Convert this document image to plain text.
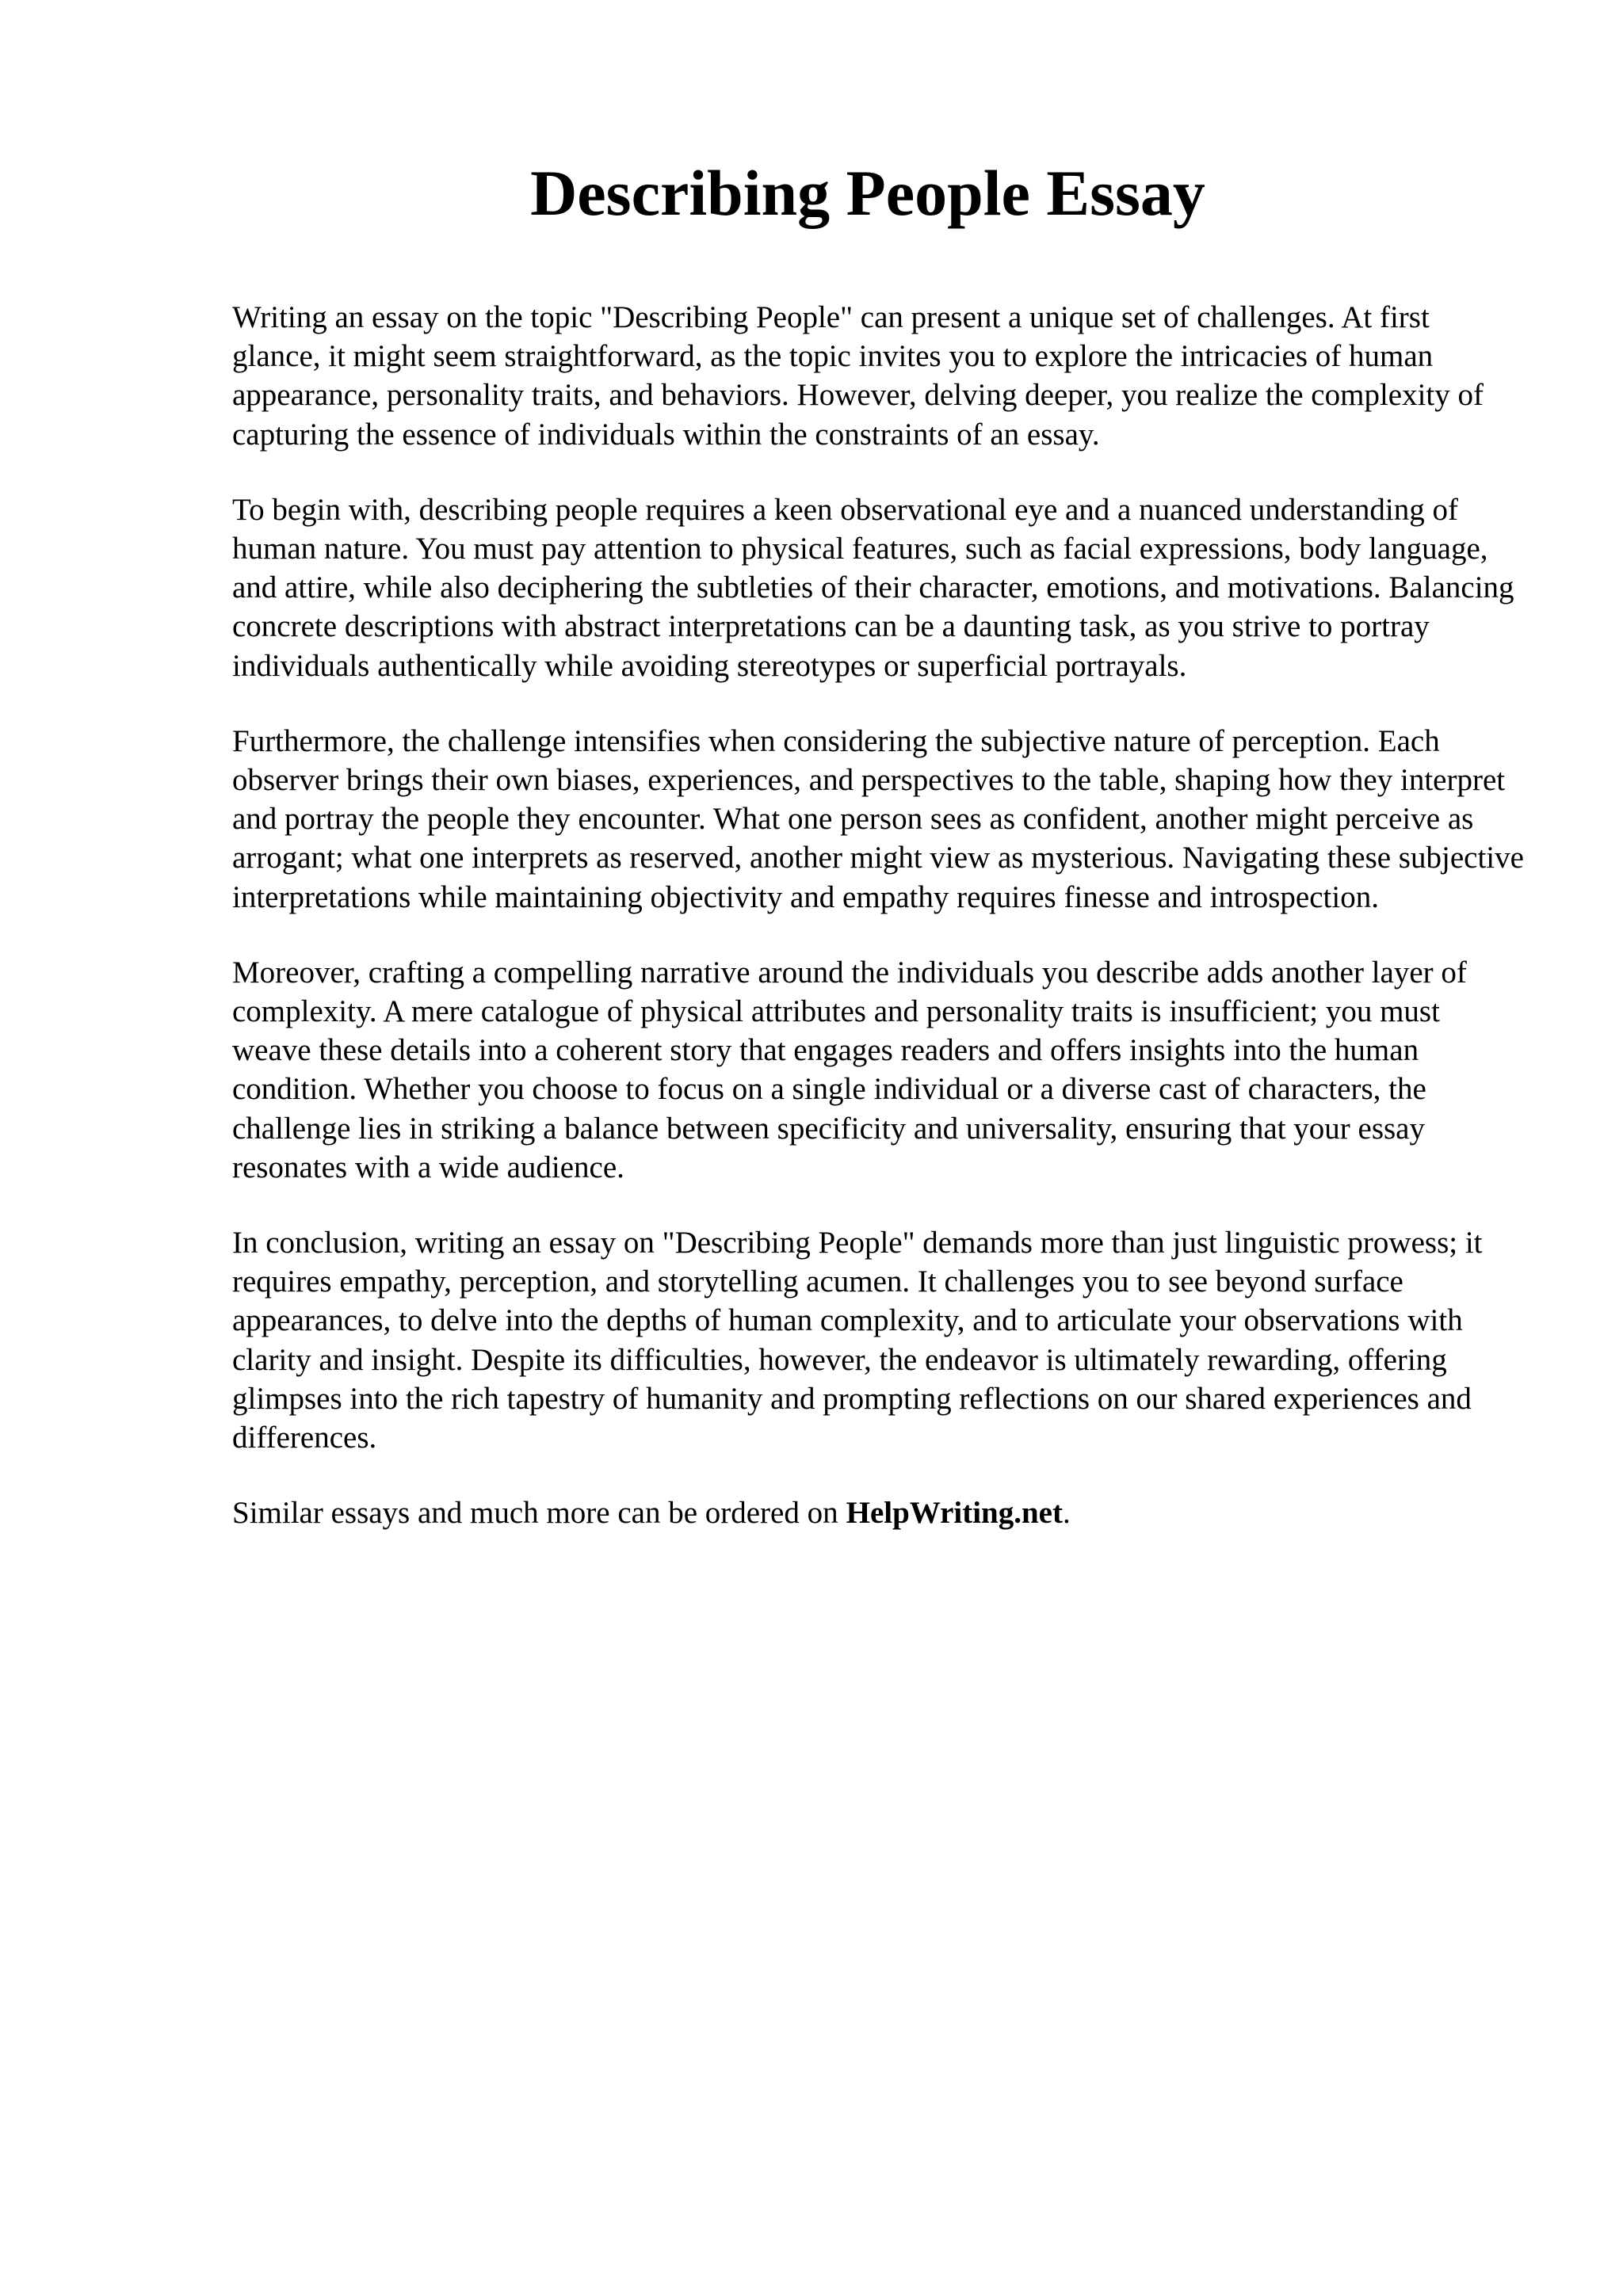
Describing People Essay

Writing an essay on the topic "Describing People" can present a unique set of challenges. At first glance, it might seem straightforward, as the topic invites you to explore the intricacies of human appearance, personality traits, and behaviors. However, delving deeper, you realize the complexity of capturing the essence of individuals within the constraints of an essay.

To begin with, describing people requires a keen observational eye and a nuanced understanding of human nature. You must pay attention to physical features, such as facial expressions, body language, and attire, while also deciphering the subtleties of their character, emotions, and motivations. Balancing concrete descriptions with abstract interpretations can be a daunting task, as you strive to portray individuals authentically while avoiding stereotypes or superficial portrayals.

Furthermore, the challenge intensifies when considering the subjective nature of perception. Each observer brings their own biases, experiences, and perspectives to the table, shaping how they interpret and portray the people they encounter. What one person sees as confident, another might perceive as arrogant; what one interprets as reserved, another might view as mysterious. Navigating these subjective interpretations while maintaining objectivity and empathy requires finesse and introspection.

Moreover, crafting a compelling narrative around the individuals you describe adds another layer of complexity. A mere catalogue of physical attributes and personality traits is insufficient; you must weave these details into a coherent story that engages readers and offers insights into the human condition. Whether you choose to focus on a single individual or a diverse cast of characters, the challenge lies in striking a balance between specificity and universality, ensuring that your essay resonates with a wide audience.

In conclusion, writing an essay on "Describing People" demands more than just linguistic prowess; it requires empathy, perception, and storytelling acumen. It challenges you to see beyond surface appearances, to delve into the depths of human complexity, and to articulate your observations with clarity and insight. Despite its difficulties, however, the endeavor is ultimately rewarding, offering glimpses into the rich tapestry of humanity and prompting reflections on our shared experiences and differences.

Similar essays and much more can be ordered on HelpWriting.net.
